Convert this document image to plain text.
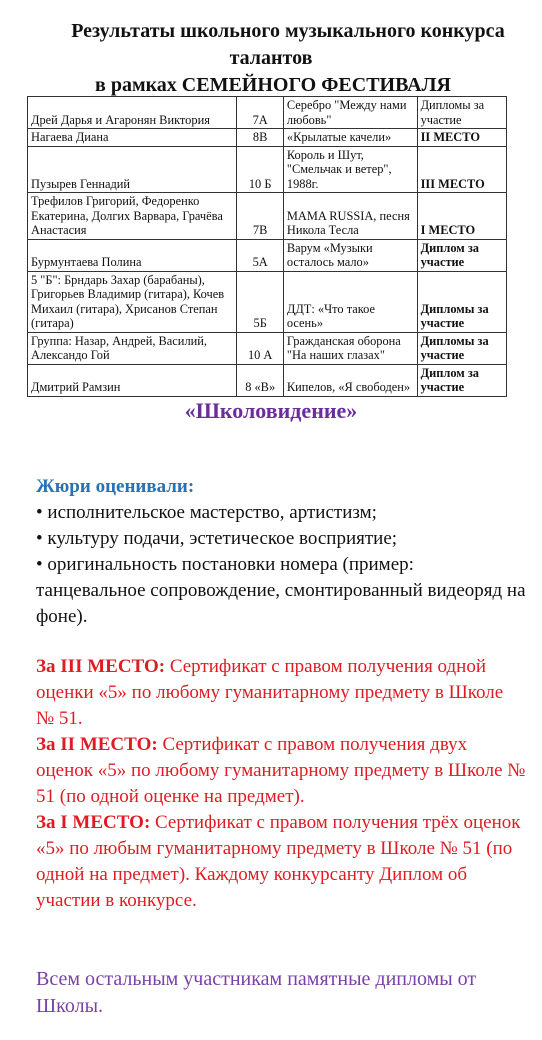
Результаты школьного музыкального конкурса
талантов
в рамках СЕМЕЙНОГО ФЕСТИВАЛЯ
Дрей Дарья и Агаронян Виктория	7А	Серебро "Между нами любовь"	Дипломы за участие
Нагаева Диана	8В	«Крылатые качели»	II МЕСТО
Пузырев Геннадий	10 Б	Король и Шут, "Смельчак и ветер", 1988г.	III МЕСТО
Трефилов Григорий, Федоренко Екатерина, Долгих Варвара, Грачёва Анастасия	7В	MAMA RUSSIA, песня Никола Тесла	I МЕСТО
Бурмунтаева Полина	5А	Варум «Музыки осталось мало»	Диплом за участие
5 "Б": Брндарь Захар (барабаны), Григорьев Владимир (гитара), Кочев Михаил (гитара), Хрисанов Степан (гитара)	5Б	ДДТ: «Что такое осень»	Дипломы за участие
Группа: Назар, Андрей, Василий, Александо Гой	10 А	Гражданская оборона "На наших глазах"	Дипломы за участие
Дмитрий Рамзин	8 «В»	Кипелов, «Я свободен»	Диплом за участие
«Школовидение»
Жюри оценивали:
• исполнительское мастерство, артистизм;
• культуру подачи, эстетическое восприятие;
• оригинальность постановки номера (пример: танцевальное сопровождение, смонтированный видеоряд на фоне).

За III МЕСТО: Сертификат с правом получения одной оценки «5» по любому гуманитарному предмету в Школе № 51.

За II МЕСТО: Сертификат с правом получения двух оценок «5» по любому гуманитарному предмету в Школе № 51 (по одной оценке на предмет).

За I МЕСТО: Сертификат с правом получения трёх оценок «5» по любым гуманитарному предмету в Школе № 51 (по одной на предмет). Каждому конкурсанту Диплом об участии в конкурсе.

Всем остальным участникам памятные дипломы от Школы.
